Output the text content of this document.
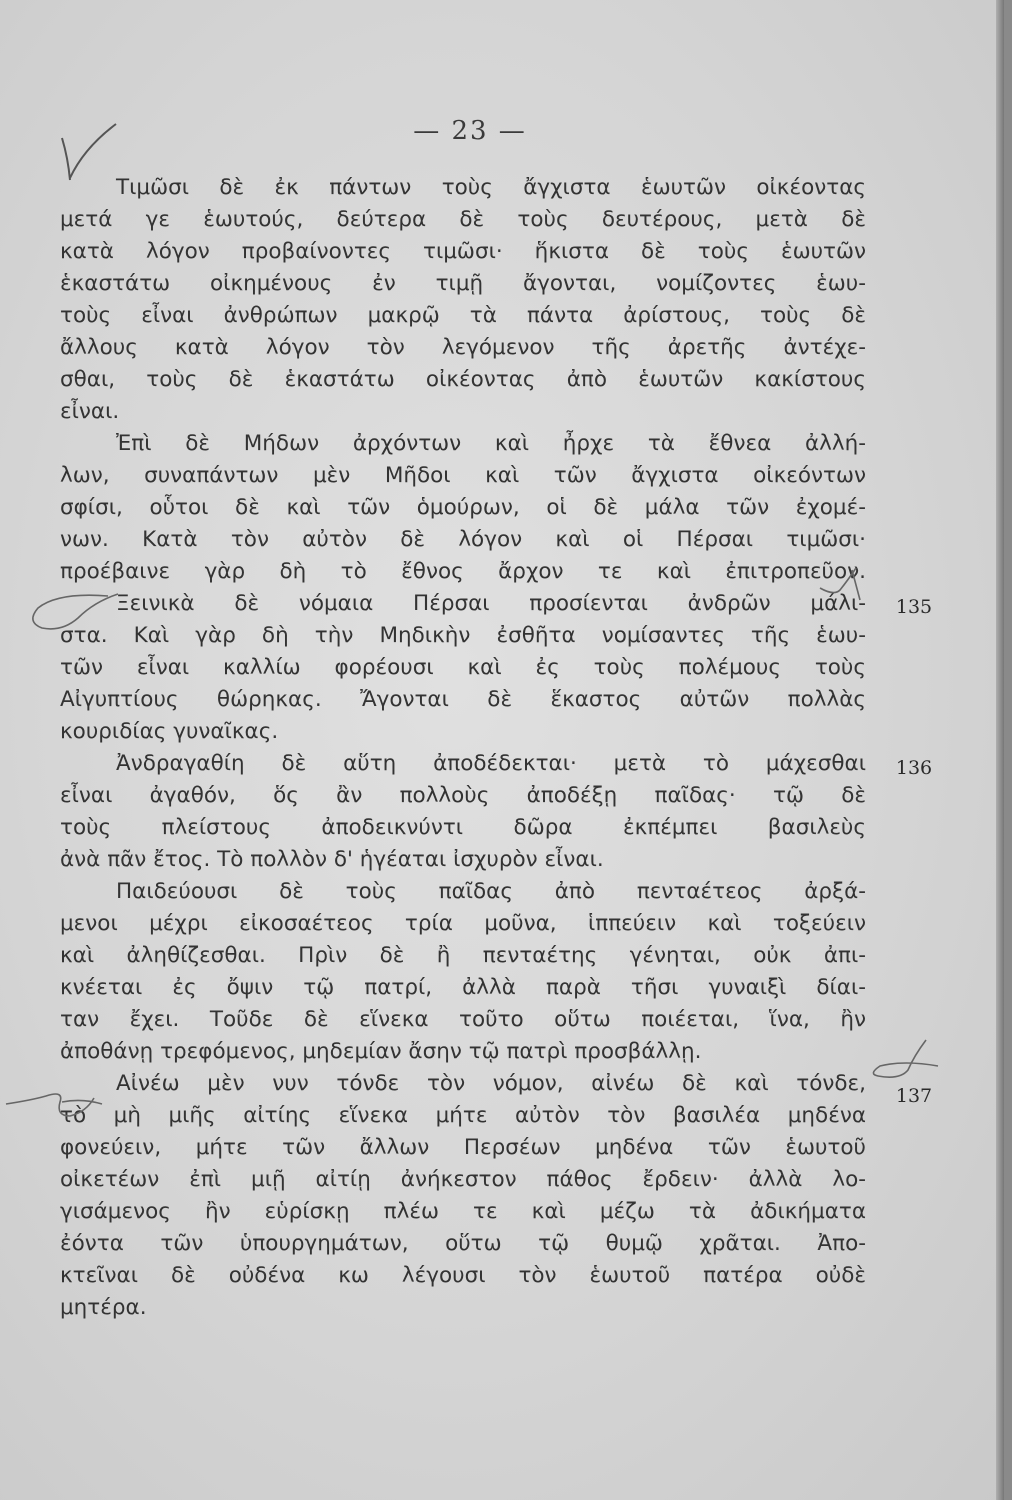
— 23 —
Τιμῶσι δὲ ἐκ πάντων τοὺς ἄγχιστα ἑωυτῶν οἰκέοντας
μετά γε ἑωυτούς, δεύτερα δὲ τοὺς δευτέρους, μετὰ δὲ
κατὰ λόγον προβαίνοντες τιμῶσι· ἥκιστα δὲ τοὺς ἑωυτῶν
ἑκαστάτω οἰκημένους ἐν τιμῇ ἄγονται, νομίζοντες ἑωυ-
τοὺς εἶναι ἀνθρώπων μακρῷ τὰ πάντα ἀρίστους, τοὺς δὲ
ἄλλους κατὰ λόγον τὸν λεγόμενον τῆς ἀρετῆς ἀντέχε-
σθαι, τοὺς δὲ ἑκαστάτω οἰκέοντας ἀπὸ ἑωυτῶν κακίστους
εἶναι.
Ἐπὶ δὲ Μήδων ἀρχόντων καὶ ἦρχε τὰ ἔθνεα ἀλλή-
λων, συναπάντων μὲν Μῆδοι καὶ τῶν ἄγχιστα οἰκεόντων
σφίσι, οὗτοι δὲ καὶ τῶν ὁμούρων, οἱ δὲ μάλα τῶν ἐχομέ-
νων. Κατὰ τὸν αὐτὸν δὲ λόγον καὶ οἱ Πέρσαι τιμῶσι·
προέβαινε γὰρ δὴ τὸ ἔθνος ἄρχον τε καὶ ἐπιτροπεῦον.
Ξεινικὰ δὲ νόμαια Πέρσαι προσίενται ἀνδρῶν μάλι-
στα. Καὶ γὰρ δὴ τὴν Μηδικὴν ἐσθῆτα νομίσαντες τῆς ἑωυ-
τῶν εἶναι καλλίω φορέουσι καὶ ἐς τοὺς πολέμους τοὺς
Αἰγυπτίους θώρηκας. Ἄγονται δὲ ἕκαστος αὐτῶν πολλὰς
κουριδίας γυναῖκας.
Ἀνδραγαθίη δὲ αὕτη ἀποδέδεκται· μετὰ τὸ μάχεσθαι
εἶναι ἀγαθόν, ὅς ἂν πολλοὺς ἀποδέξῃ παῖδας· τῷ δὲ
τοὺς πλείστους ἀποδεικνύντι δῶρα ἐκπέμπει βασιλεὺς
ἀνὰ πᾶν ἔτος. Τὸ πολλὸν δ' ἡγέαται ἰσχυρὸν εἶναι.
Παιδεύουσι δὲ τοὺς παῖδας ἀπὸ πενταέτεος ἀρξά-
μενοι μέχρι εἰκοσαέτεος τρία μοῦνα, ἱππεύειν καὶ τοξεύειν
καὶ ἀληθίζεσθαι. Πρὶν δὲ ἢ πενταέτης γένηται, οὐκ ἀπι-
κνέεται ἐς ὄψιν τῷ πατρί, ἀλλὰ παρὰ τῆσι γυναιξὶ δίαι-
ταν ἔχει. Τοῦδε δὲ εἵνεκα τοῦτο οὕτω ποιέεται, ἵνα, ἢν
ἀποθάνῃ τρεφόμενος, μηδεμίαν ἄσην τῷ πατρὶ προσβάλλῃ.
Αἰνέω μὲν νυν τόνδε τὸν νόμον, αἰνέω δὲ καὶ τόνδε,
τὸ μὴ μιῆς αἰτίης εἵνεκα μήτε αὐτὸν τὸν βασιλέα μηδένα
φονεύειν, μήτε τῶν ἄλλων Περσέων μηδένα τῶν ἑωυτοῦ
οἰκετέων ἐπὶ μιῇ αἰτίῃ ἀνήκεστον πάθος ἔρδειν· ἀλλὰ λο-
γισάμενος ἢν εὑρίσκῃ πλέω τε καὶ μέζω τὰ ἀδικήματα
ἐόντα τῶν ὑπουργημάτων, οὕτω τῷ θυμῷ χρᾶται. Ἀπο-
κτεῖναι δὲ οὐδένα κω λέγουσι τὸν ἑωυτοῦ πατέρα οὐδὲ
μητέρα.
135
136
137
